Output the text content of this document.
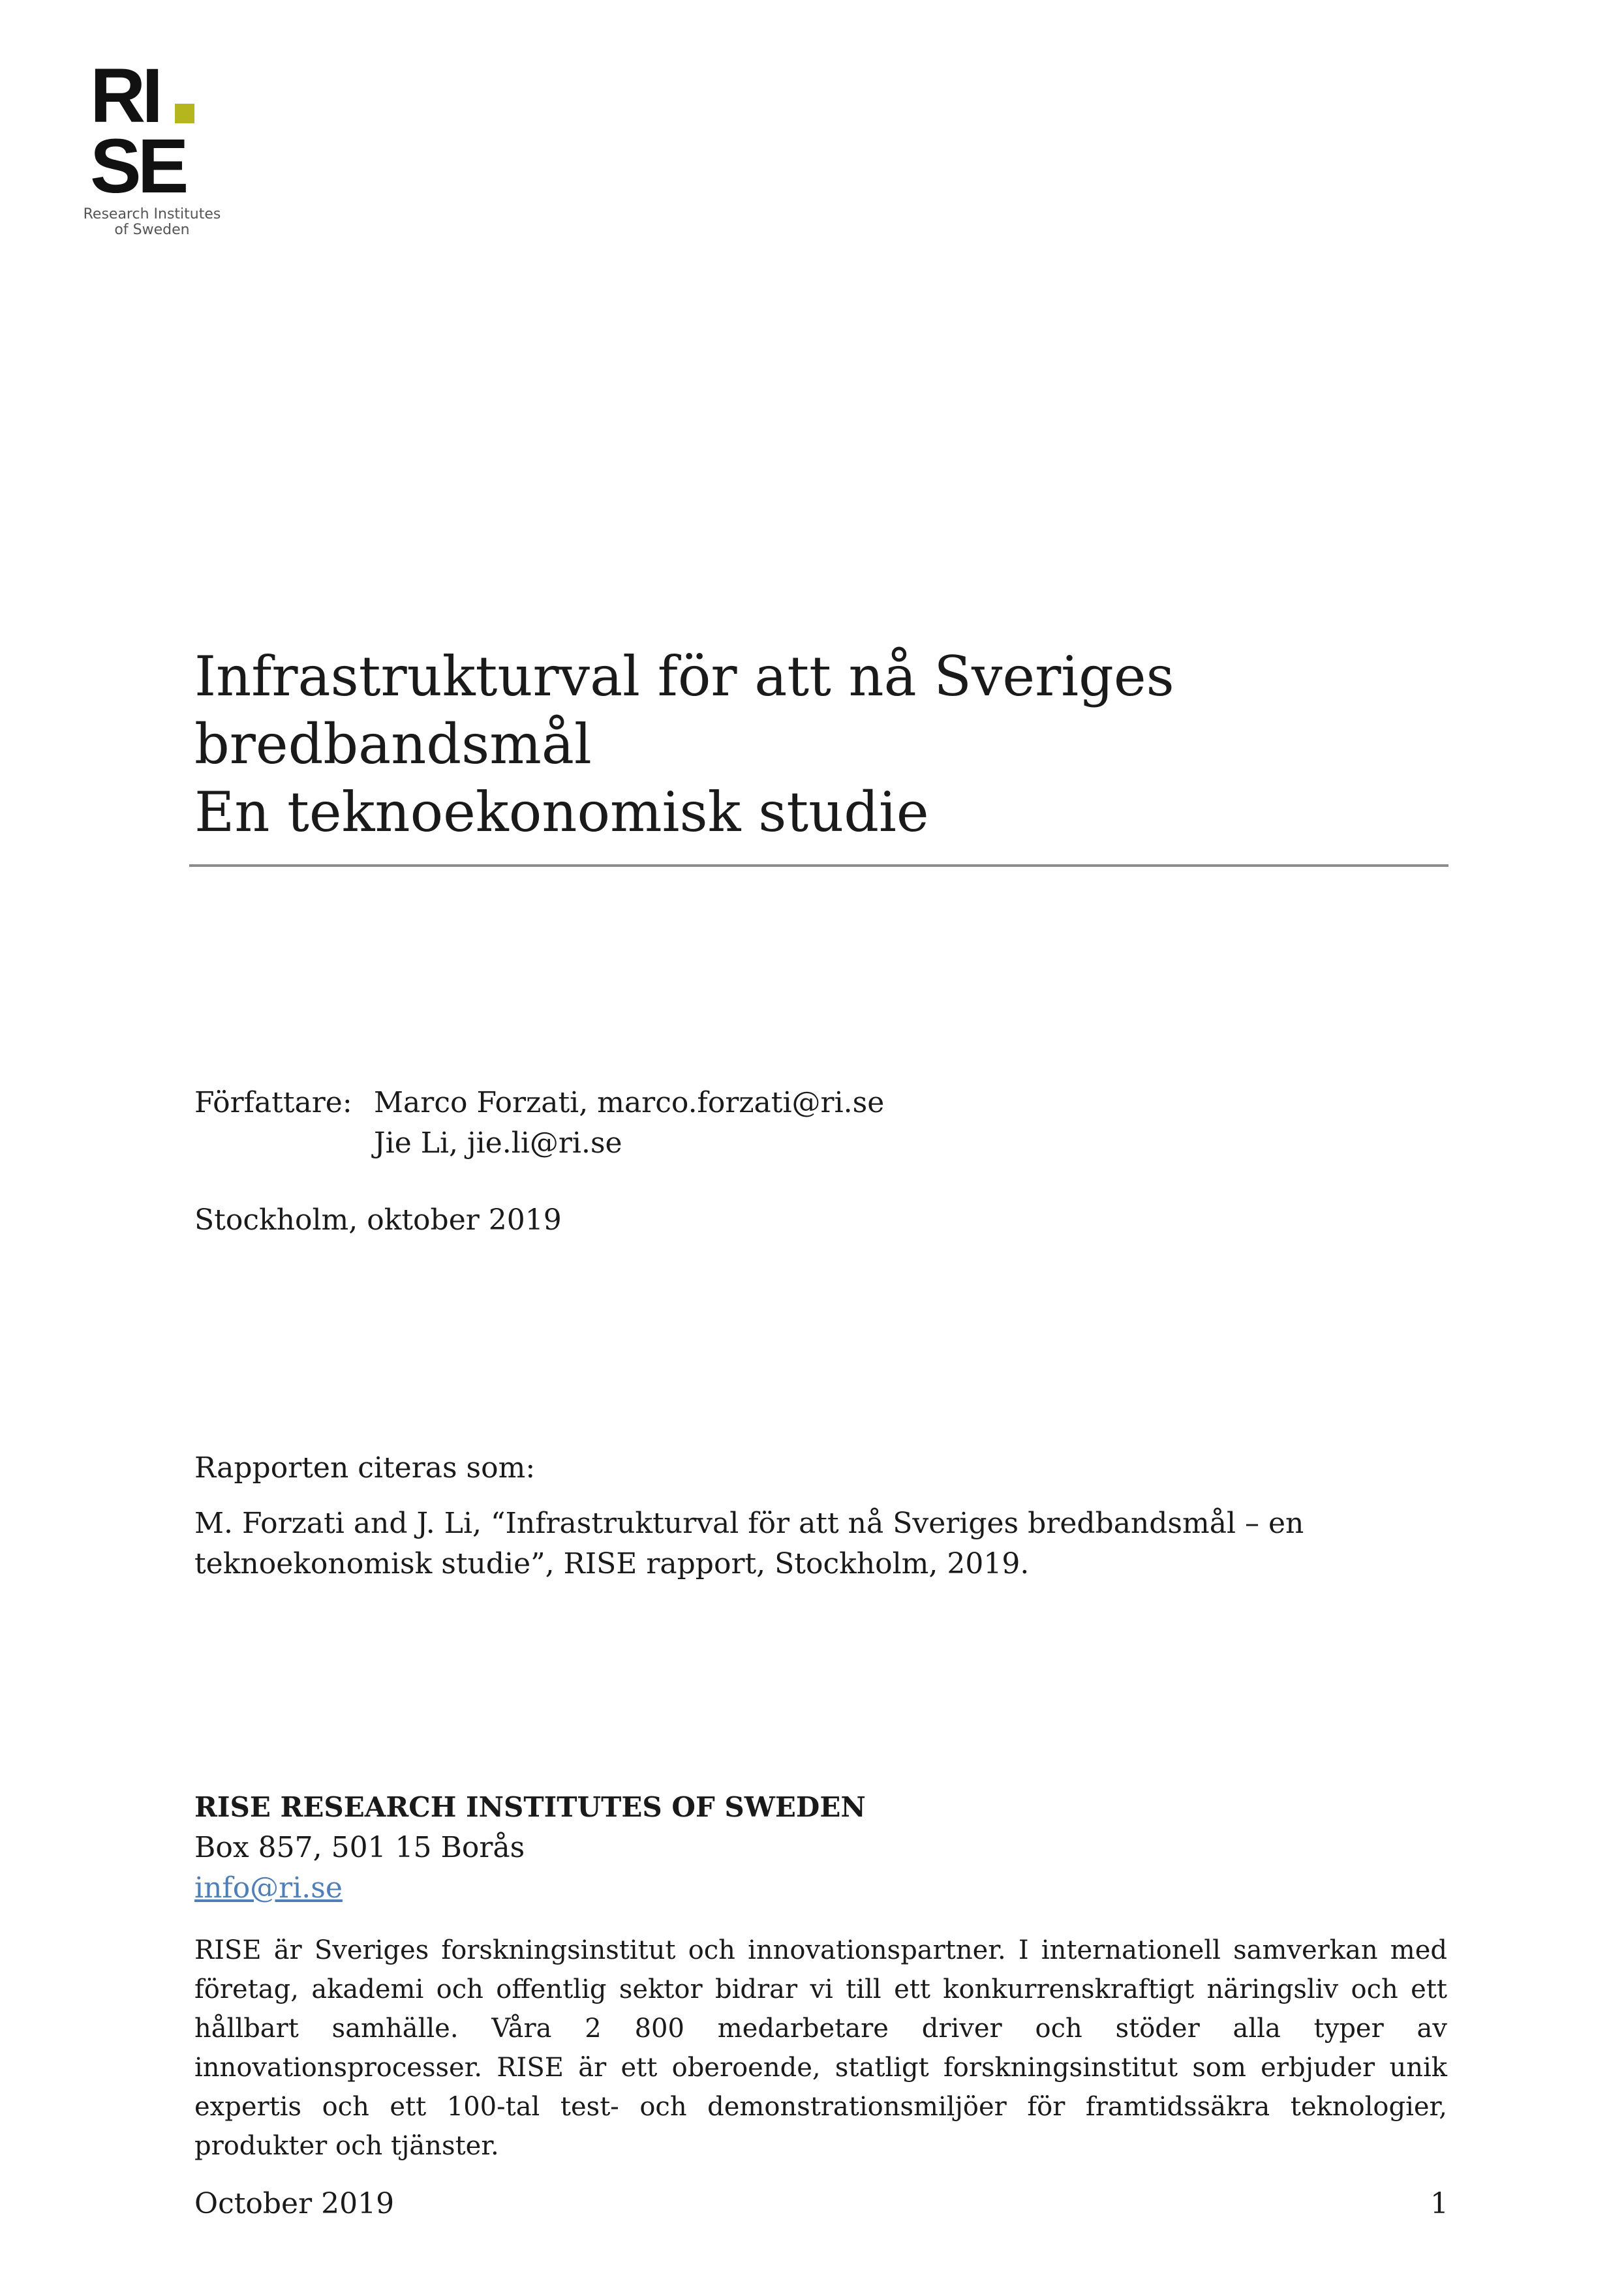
RI
SE
Research Institutes
of Sweden
Infrastrukturval för att nå Sveriges
bredbandsmål
En teknoekonomisk studie
Författare: Marco Forzati, marco.forzati@ri.se
Jie Li, jie.li@ri.se
Stockholm, oktober 2019
Rapporten citeras som:
M. Forzati and J. Li, “Infrastrukturval för att nå Sveriges bredbandsmål – en teknoekonomisk studie”, RISE rapport, Stockholm, 2019.
RISE RESEARCH INSTITUTES OF SWEDEN
Box 857, 501 15 Borås
info@ri.se
RISE är Sveriges forskningsinstitut och innovationspartner. I internationell samverkan med företag, akademi och offentlig sektor bidrar vi till ett konkurrenskraftigt näringsliv och ett hållbart samhälle. Våra 2 800 medarbetare driver och stöder alla typer av innovationsprocesser. RISE är ett oberoende, statligt forskningsinstitut som erbjuder unik expertis och ett 100-tal test- och demonstrationsmiljöer för framtidssäkra teknologier, produkter och tjänster.
October 2019	1
